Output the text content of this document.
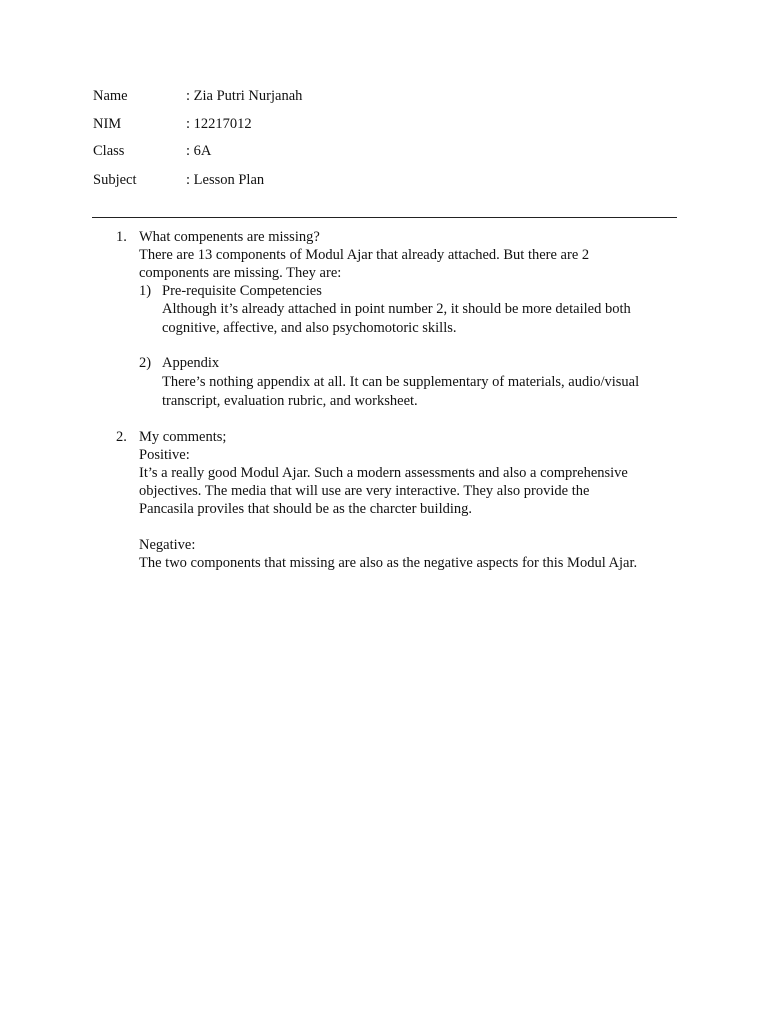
Name	: Zia Putri Nurjanah
NIM	: 12217012
Class	: 6A
Subject	: Lesson Plan
1. What compenents are missing?
There are 13 components of Modul Ajar that already attached. But there are 2
components are missing. They are:
1) Pre-requisite Competencies
Although it’s already attached in point number 2, it should be more detailed both
cognitive, affective, and also psychomotoric skills.
2) Appendix
There’s nothing appendix at all. It can be supplementary of materials, audio/visual
transcript, evaluation rubric, and worksheet.
2. My comments;
Positive:
It’s a really good Modul Ajar. Such a modern assessments and also a comprehensive
objectives. The media that will use are very interactive. They also provide the
Pancasila proviles that should be as the charcter building.
Negative:
The two components that missing are also as the negative aspects for this Modul Ajar.
